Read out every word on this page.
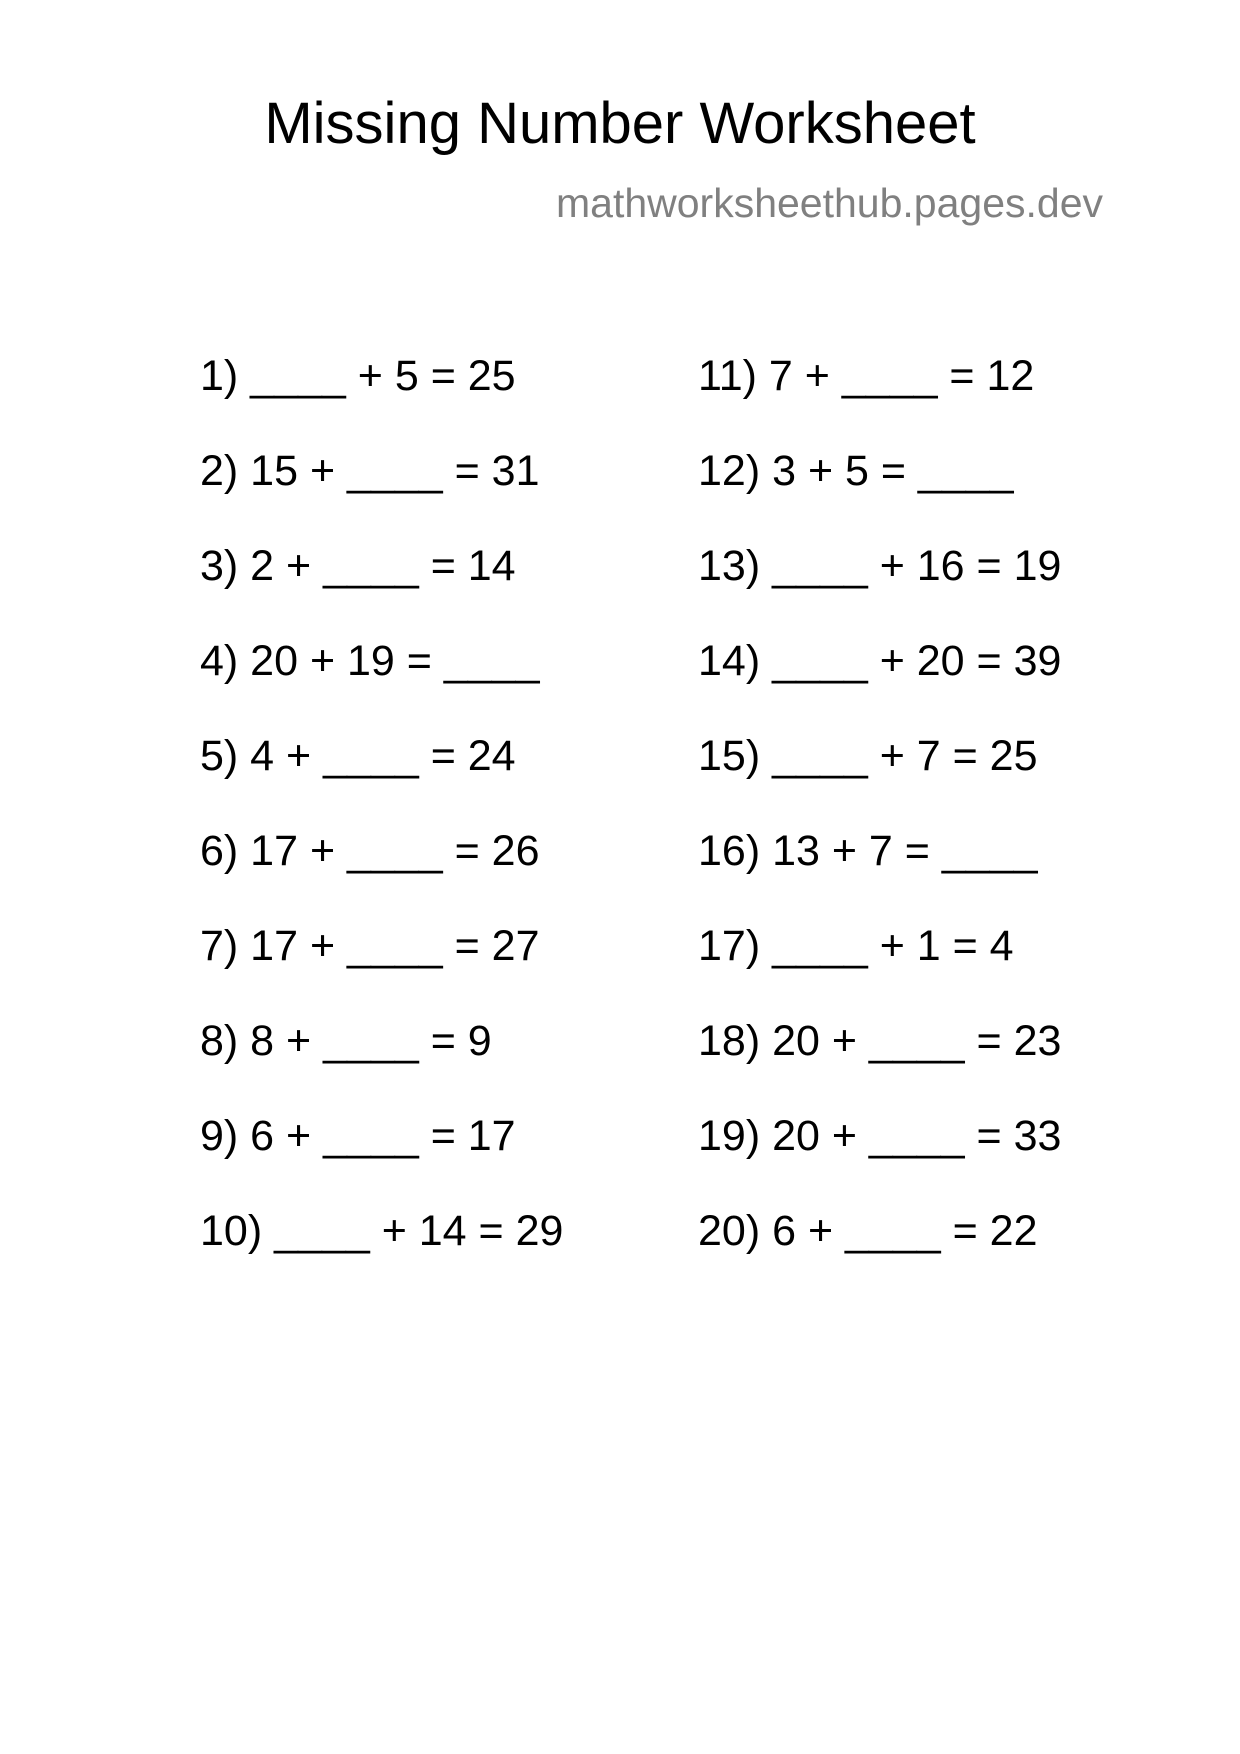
Missing Number Worksheet
mathworksheethub.pages.dev
1) ____ + 5 = 25
2) 15 + ____ = 31
3) 2 + ____ = 14
4) 20 + 19 = ____
5) 4 + ____ = 24
6) 17 + ____ = 26
7) 17 + ____ = 27
8) 8 + ____ = 9
9) 6 + ____ = 17
10) ____ + 14 = 29
11) 7 + ____ = 12
12) 3 + 5 = ____
13) ____ + 16 = 19
14) ____ + 20 = 39
15) ____ + 7 = 25
16) 13 + 7 = ____
17) ____ + 1 = 4
18) 20 + ____ = 23
19) 20 + ____ = 33
20) 6 + ____ = 22
